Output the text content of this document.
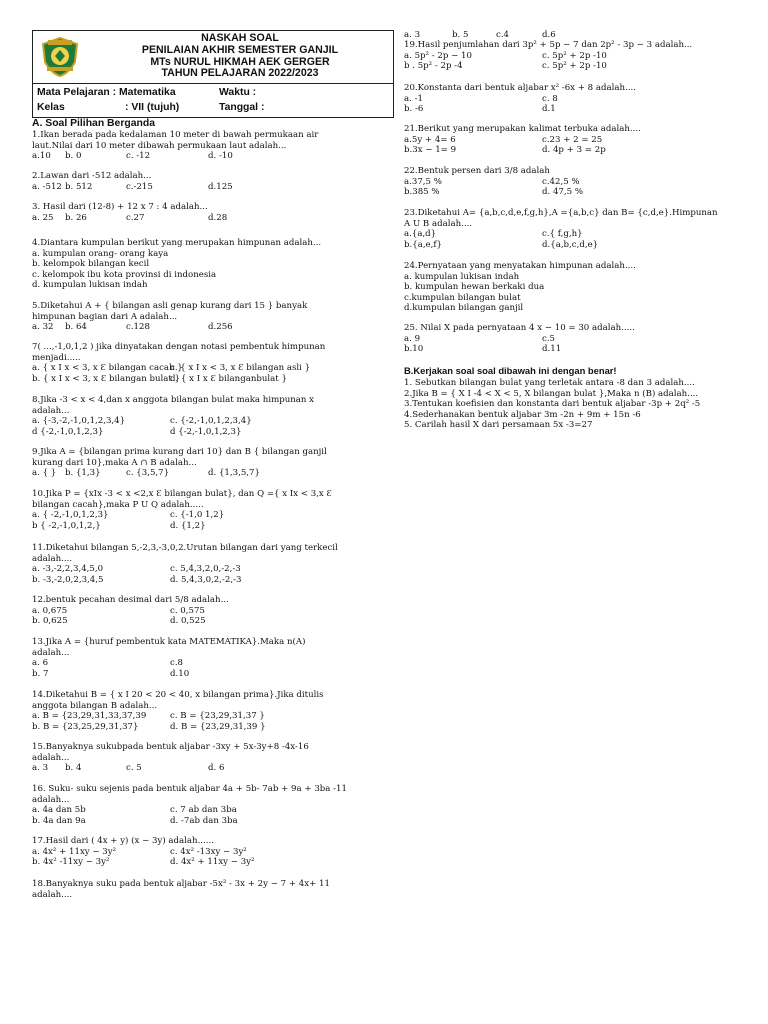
NASKAH SOAL
PENILAIAN AKHIR SEMESTER GANJIL
MTs NURUL HIKMAH AEK GERGER
TAHUN PELAJARAN 2022/2023
Mata Pelajaran : Matematika	Waktu :
Kelas	: VII (tujuh)	Tanggal :
A. Soal Pilihan Berganda

1.Ikan berada pada kedalaman 10 meter di bawah permukaan air

laut.Nilai dari 10 meter dibawah permukaan laut adalah...

a.10 b. 0	c. -12	d. -10

2.Lawan dari -512 adalah...

a. -512 b. 512	c.-215	d.125

3. Hasil dari (12-8) + 12 x 7 : 4 adalah...

a. 25 b. 26	c.27	d.28

4.Diantara kumpulan berikut yang merupakan himpunan adalah...

a. kumpulan orang- orang kaya

b. kelompok bilangan kecil

c. kelompok ibu kota provinsi di indonesia

d. kumpulan lukisan indah

5.Diketahui A + { bilangan asli genap kurang dari 15 } banyak

himpunan bagian dari A adalah...

a. 32 b. 64	c.128	d.256

7( ...,-1,0,1,2 ) jika dinyatakan dengan notasi pembentuk himpunan

menjadi.....

a. { x I x < 3, x Ɛ bilangan cacah }
c. { x I x < 3, x Ɛ bilangan asli }
b. { x I x < 3, x Ɛ bilangan bulat }
d. { x I x Ɛ bilanganbulat }

8.Jika -3 < x < 4,dan x anggota bilangan bulat maka himpunan x

adalah...

a. {-3,-2,-1,0,1,2,3,4}	c. {-2,-1,0,1,2,3,4}
d {-2,-1,0,1,2,3}	d {-2,-1,0,1,2,3}

9.Jika A = {bilangan prima kurang dari 10} dan B { bilangan ganjil

kurang dari 10},maka A ∩ B adalah...

a. { } b. {1,3}	c. {3,5,7}	d. {1,3,5,7}

10.Jika P = {xIx -3 < x <2,x Ɛ bilangan bulat}, dan Q ={ x Ix < 3,x Ɛ

bilangan cacah},maka P U Q adalah.....

a. { -2,-1,0,1,2,3}	c. {-1,0 1,2}
b { -2,-1,0,1,2,}	d. {1,2}

11.Diketahui bilangan 5,-2,3,-3,0,2.Urutan bilangan dari yang terkecil

adalah....

a. -3,-2,2,3,4,5,0	c. 5,4,3,2,0,-2,-3
b. -3,-2,0,2,3,4,5	d. 5,4,3,0,2,-2,-3

12.bentuk pecahan desimal dari 5/8 adalah...

a. 0,675	c. 0,575
b. 0,625	d. 0,525

13.Jika A = {huruf pembentuk kata MATEMATIKA}.Maka n(A)

adalah...

a. 6	c.8
b. 7	d.10

14.Diketahui B = { x I 20 < 20 < 40, x bilangan prima}.Jika ditulis

anggota bilangan B adalah...

a. B = {23,29,31,33,37,39	c. B = {23,29,31,37 }
b. B = {23,25,29,31,37}	d. B = {23,29,31,39 }

15.Banyaknya sukubpada bentuk aljabar -3xy + 5x-3y+8 -4x-16

adalah...

a. 3 b. 4	c. 5	d. 6

16. Suku- suku sejenis pada bentuk aljabar 4a + 5b- 7ab + 9a + 3ba -11

adalah...

a. 4a dan 5b	c. 7 ab dan 3ba
b. 4a dan 9a	d. -7ab dan 3ba

17.Hasil dari ( 4x + y) (x − 3y) adalah......

a. 4x² + 11xy − 3y²	c. 4x² -13xy − 3y²
b. 4x² -11xy − 3y²	d. 4x² + 11xy − 3y²

18.Banyaknya suku pada bentuk aljabar -5x² - 3x + 2y − 7 + 4x+ 11

adalah....

a. 3	b. 5	c.4	d.6

19.Hasil penjumlahan dari 3p² + 5p − 7 dan 2p² - 3p − 3 adalah...

a. 5p² - 2p − 10	c. 5p² + 2p -10
b . 5p² - 2p -4	c. 5p² + 2p -10

20.Konstanta dari bentuk aljabar x² -6x + 8 adalah....

a. -1	c. 8
b. -6	d.1

21.Berikut yang merupakan kalimat terbuka adalah....

a.5y + 4= 6	c.23 + 2 = 25
b.3x − 1= 9	d. 4p + 3 = 2p

22.Bentuk persen dari 3/8 adalah

a.37,5 %	c.42,5 %
b.385 %	d. 47,5 %

23.Diketahui A= {a,b,c,d,e,f,g,h},A ={a,b,c} dan B= {c,d,e}.Himpunan

A U B adalah....

a.{a,d}	c.{ f,g,h}
b.{a,e,f}	d.{a,b,c,d,e}

24.Pernyataan yang menyatakan himpunan adalah....

a. kumpulan lukisan indah

b. kumpulan hewan berkaki dua

c.kumpulan bilangan bulat

d.kumpulan bilangan ganjil

25. Nilai X pada pernyataan 4 x − 10 = 30 adalah.....

a. 9	c.5
b.10	d.11
B.Kerjakan soal soal dibawah ini dengan benar!

1. Sebutkan bilangan bulat yang terletak antara -8 dan 3 adalah....

2.Jika B = { X I -4 < X < 5, X bilangan bulat },Maka n (B) adalah....

3.Tentukan koefisien dan konstanta dari bentuk aljabar -3p + 2q² -5

4.Sederhanakan bentuk aljabar 3m -2n + 9m + 15n -6

5. Carilah hasil X dari persamaan 5x -3=27
